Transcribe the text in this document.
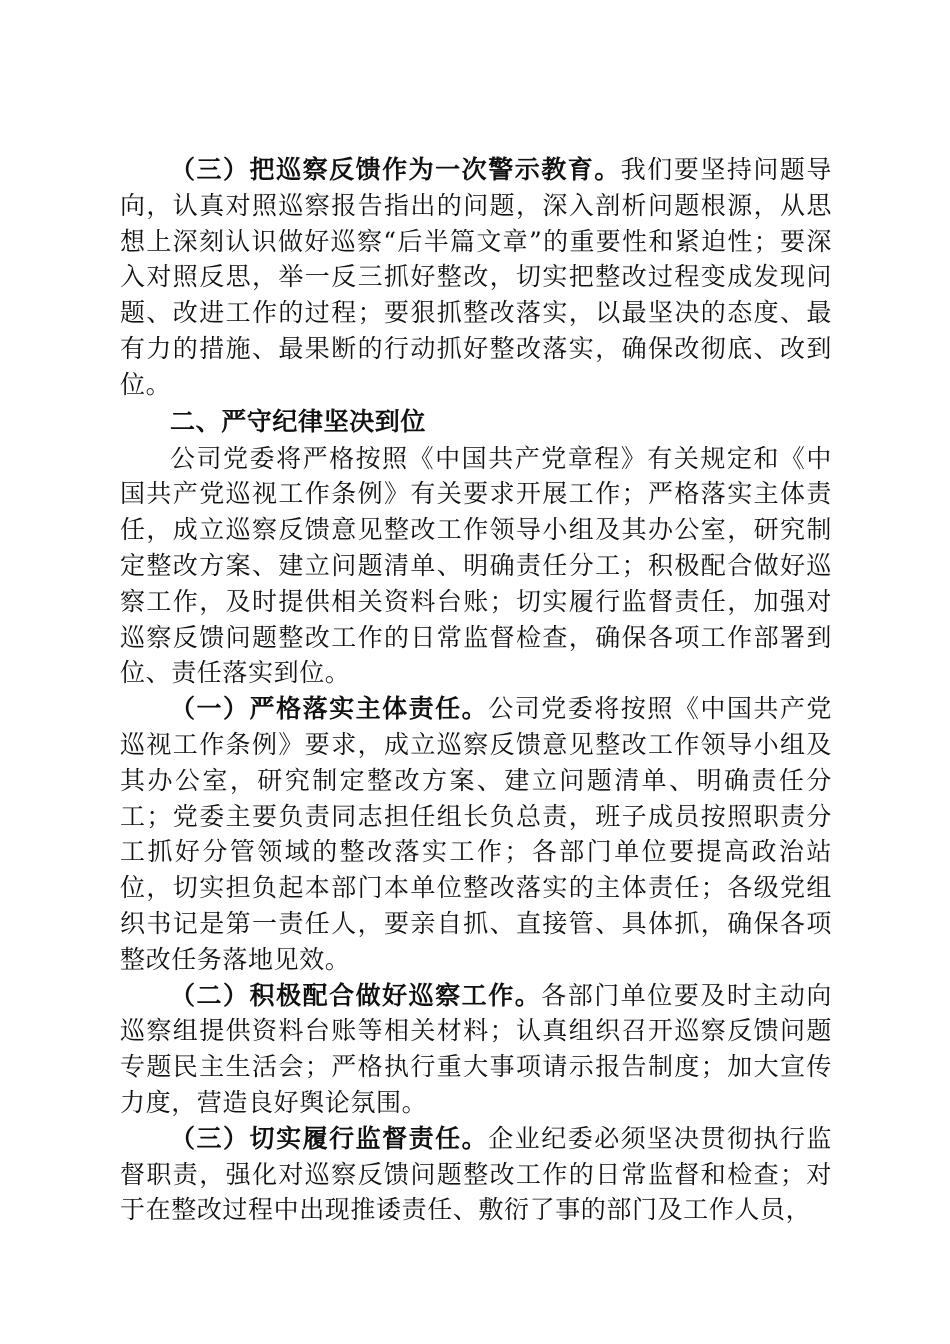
（三）把巡察反馈作为一次警示教育。我们要坚持问题导向，认真对照巡察报告指出的问题，深入剖析问题根源，从思想上深刻认识做好巡察“后半篇文章”的重要性和紧迫性；要深入对照反思，举一反三抓好整改，切实把整改过程变成发现问题、改进工作的过程；要狠抓整改落实，以最坚决的态度、最有力的措施、最果断的行动抓好整改落实，确保改彻底、改到位。

二、严守纪律坚决到位

公司党委将严格按照《中国共产党章程》有关规定和《中国共产党巡视工作条例》有关要求开展工作；严格落实主体责任，成立巡察反馈意见整改工作领导小组及其办公室，研究制定整改方案、建立问题清单、明确责任分工；积极配合做好巡察工作，及时提供相关资料台账；切实履行监督责任，加强对巡察反馈问题整改工作的日常监督检查，确保各项工作部署到位、责任落实到位。

（一）严格落实主体责任。公司党委将按照《中国共产党巡视工作条例》要求，成立巡察反馈意见整改工作领导小组及其办公室，研究制定整改方案、建立问题清单、明确责任分工；党委主要负责同志担任组长负总责，班子成员按照职责分工抓好分管领域的整改落实工作；各部门单位要提高政治站位，切实担负起本部门本单位整改落实的主体责任；各级党组织书记是第一责任人，要亲自抓、直接管、具体抓，确保各项整改任务落地见效。

（二）积极配合做好巡察工作。各部门单位要及时主动向巡察组提供资料台账等相关材料；认真组织召开巡察反馈问题专题民主生活会；严格执行重大事项请示报告制度；加大宣传力度，营造良好舆论氛围。

（三）切实履行监督责任。企业纪委必须坚决贯彻执行监督职责，强化对巡察反馈问题整改工作的日常监督和检查；对于在整改过程中出现推诿责任、敷衍了事的部门及工作人员，
